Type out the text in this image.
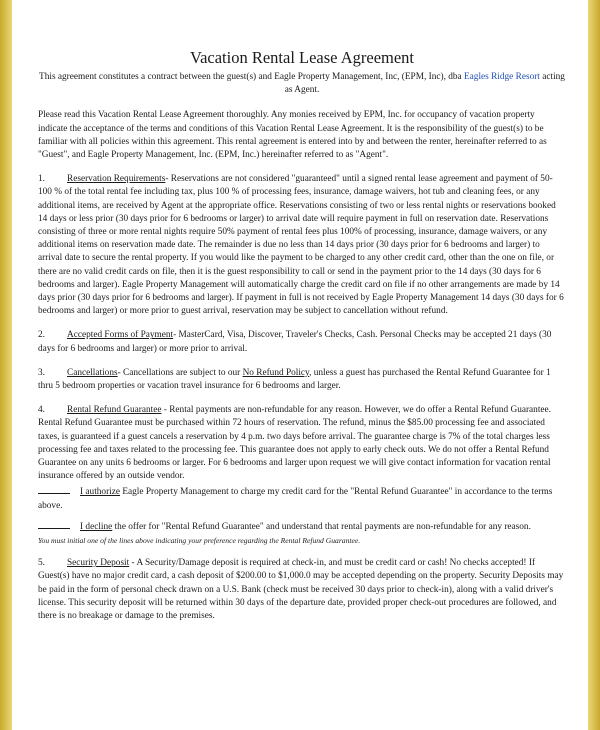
Vacation Rental Lease Agreement
This agreement constitutes a contract between the guest(s) and Eagle Property Management, Inc, (EPM, Inc), dba Eagles Ridge Resort acting as Agent.

Please read this Vacation Rental Lease Agreement thoroughly. Any monies received by EPM, Inc. for occupancy of vacation property indicate the acceptance of the terms and conditions of this Vacation Rental Lease Agreement. It is the responsibility of the guest(s) to be familiar with all policies within this agreement. This rental agreement is entered into by and between the renter, hereinafter referred to as "Guest", and Eagle Property Management, Inc. (EPM, Inc.) hereinafter referred to as "Agent".

1. Reservation Requirements- Reservations are not considered "guaranteed" until a signed rental lease agreement and payment of 50-100 % of the total rental fee including tax, plus 100 % of processing fees, insurance, damage waivers, hot tub and cleaning fees, or any additional items, are received by Agent at the appropriate office. Reservations consisting of two or less rental nights or reservations booked 14 days or less prior (30 days prior for 6 bedrooms or larger) to arrival date will require payment in full on reservation date. Reservations consisting of three or more rental nights require 50% payment of rental fees plus 100% of processing, insurance, damage waivers, or any additional items on reservation made date. The remainder is due no less than 14 days prior (30 days prior for 6 bedrooms and larger) to arrival date to secure the rental property. If you would like the payment to be charged to any other credit card, other than the one on file, or there are no valid credit cards on file, then it is the guest responsibility to call or send in the payment prior to the 14 days (30 days for 6 bedrooms and larger). Eagle Property Management will automatically charge the credit card on file if no other arrangements are made by 14 days prior (30 days prior for 6 bedrooms and larger). If payment in full is not received by Eagle Property Management 14 days (30 days for 6 bedrooms and larger) or more prior to guest arrival, reservation may be subject to cancellation without refund.

2. Accepted Forms of Payment- MasterCard, Visa, Discover, Traveler's Checks, Cash. Personal Checks may be accepted 21 days (30 days for 6 bedrooms and larger) or more prior to arrival.

3. Cancellations- Cancellations are subject to our No Refund Policy, unless a guest has purchased the Rental Refund Guarantee for 1 thru 5 bedroom properties or vacation travel insurance for 6 bedrooms and larger.

4. Rental Refund Guarantee - Rental payments are non-refundable for any reason. However, we do offer a Rental Refund Guarantee. Rental Refund Guarantee must be purchased within 72 hours of reservation. The refund, minus the $85.00 processing fee and associated taxes, is guaranteed if a guest cancels a reservation by 4 p.m. two days before arrival. The guarantee charge is 7% of the total charges less processing fee and taxes related to the processing fee. This guarantee does not apply to early check outs. We do not offer a Rental Refund Guarantee on any units 6 bedrooms or larger. For 6 bedrooms and larger upon request we will give contact information for vacation rental insurance offered by an outside vendor.

I authorize Eagle Property Management to charge my credit card for the "Rental Refund Guarantee" in accordance to the terms above.

I decline the offer for "Rental Refund Guarantee" and understand that rental payments are non-refundable for any reason.

You must initial one of the lines above indicating your preference regarding the Rental Refund Guarantee.

5. Security Deposit - A Security/Damage deposit is required at check-in, and must be credit card or cash! No checks accepted! If Guest(s) have no major credit card, a cash deposit of $200.00 to $1,000.0 may be accepted depending on the property. Security Deposits may be paid in the form of personal check drawn on a U.S. Bank (check must be received 30 days prior to check-in), along with a valid driver's license. This security deposit will be returned within 30 days of the departure date, provided proper check-out procedures are followed, and there is no breakage or damage to the premises.
